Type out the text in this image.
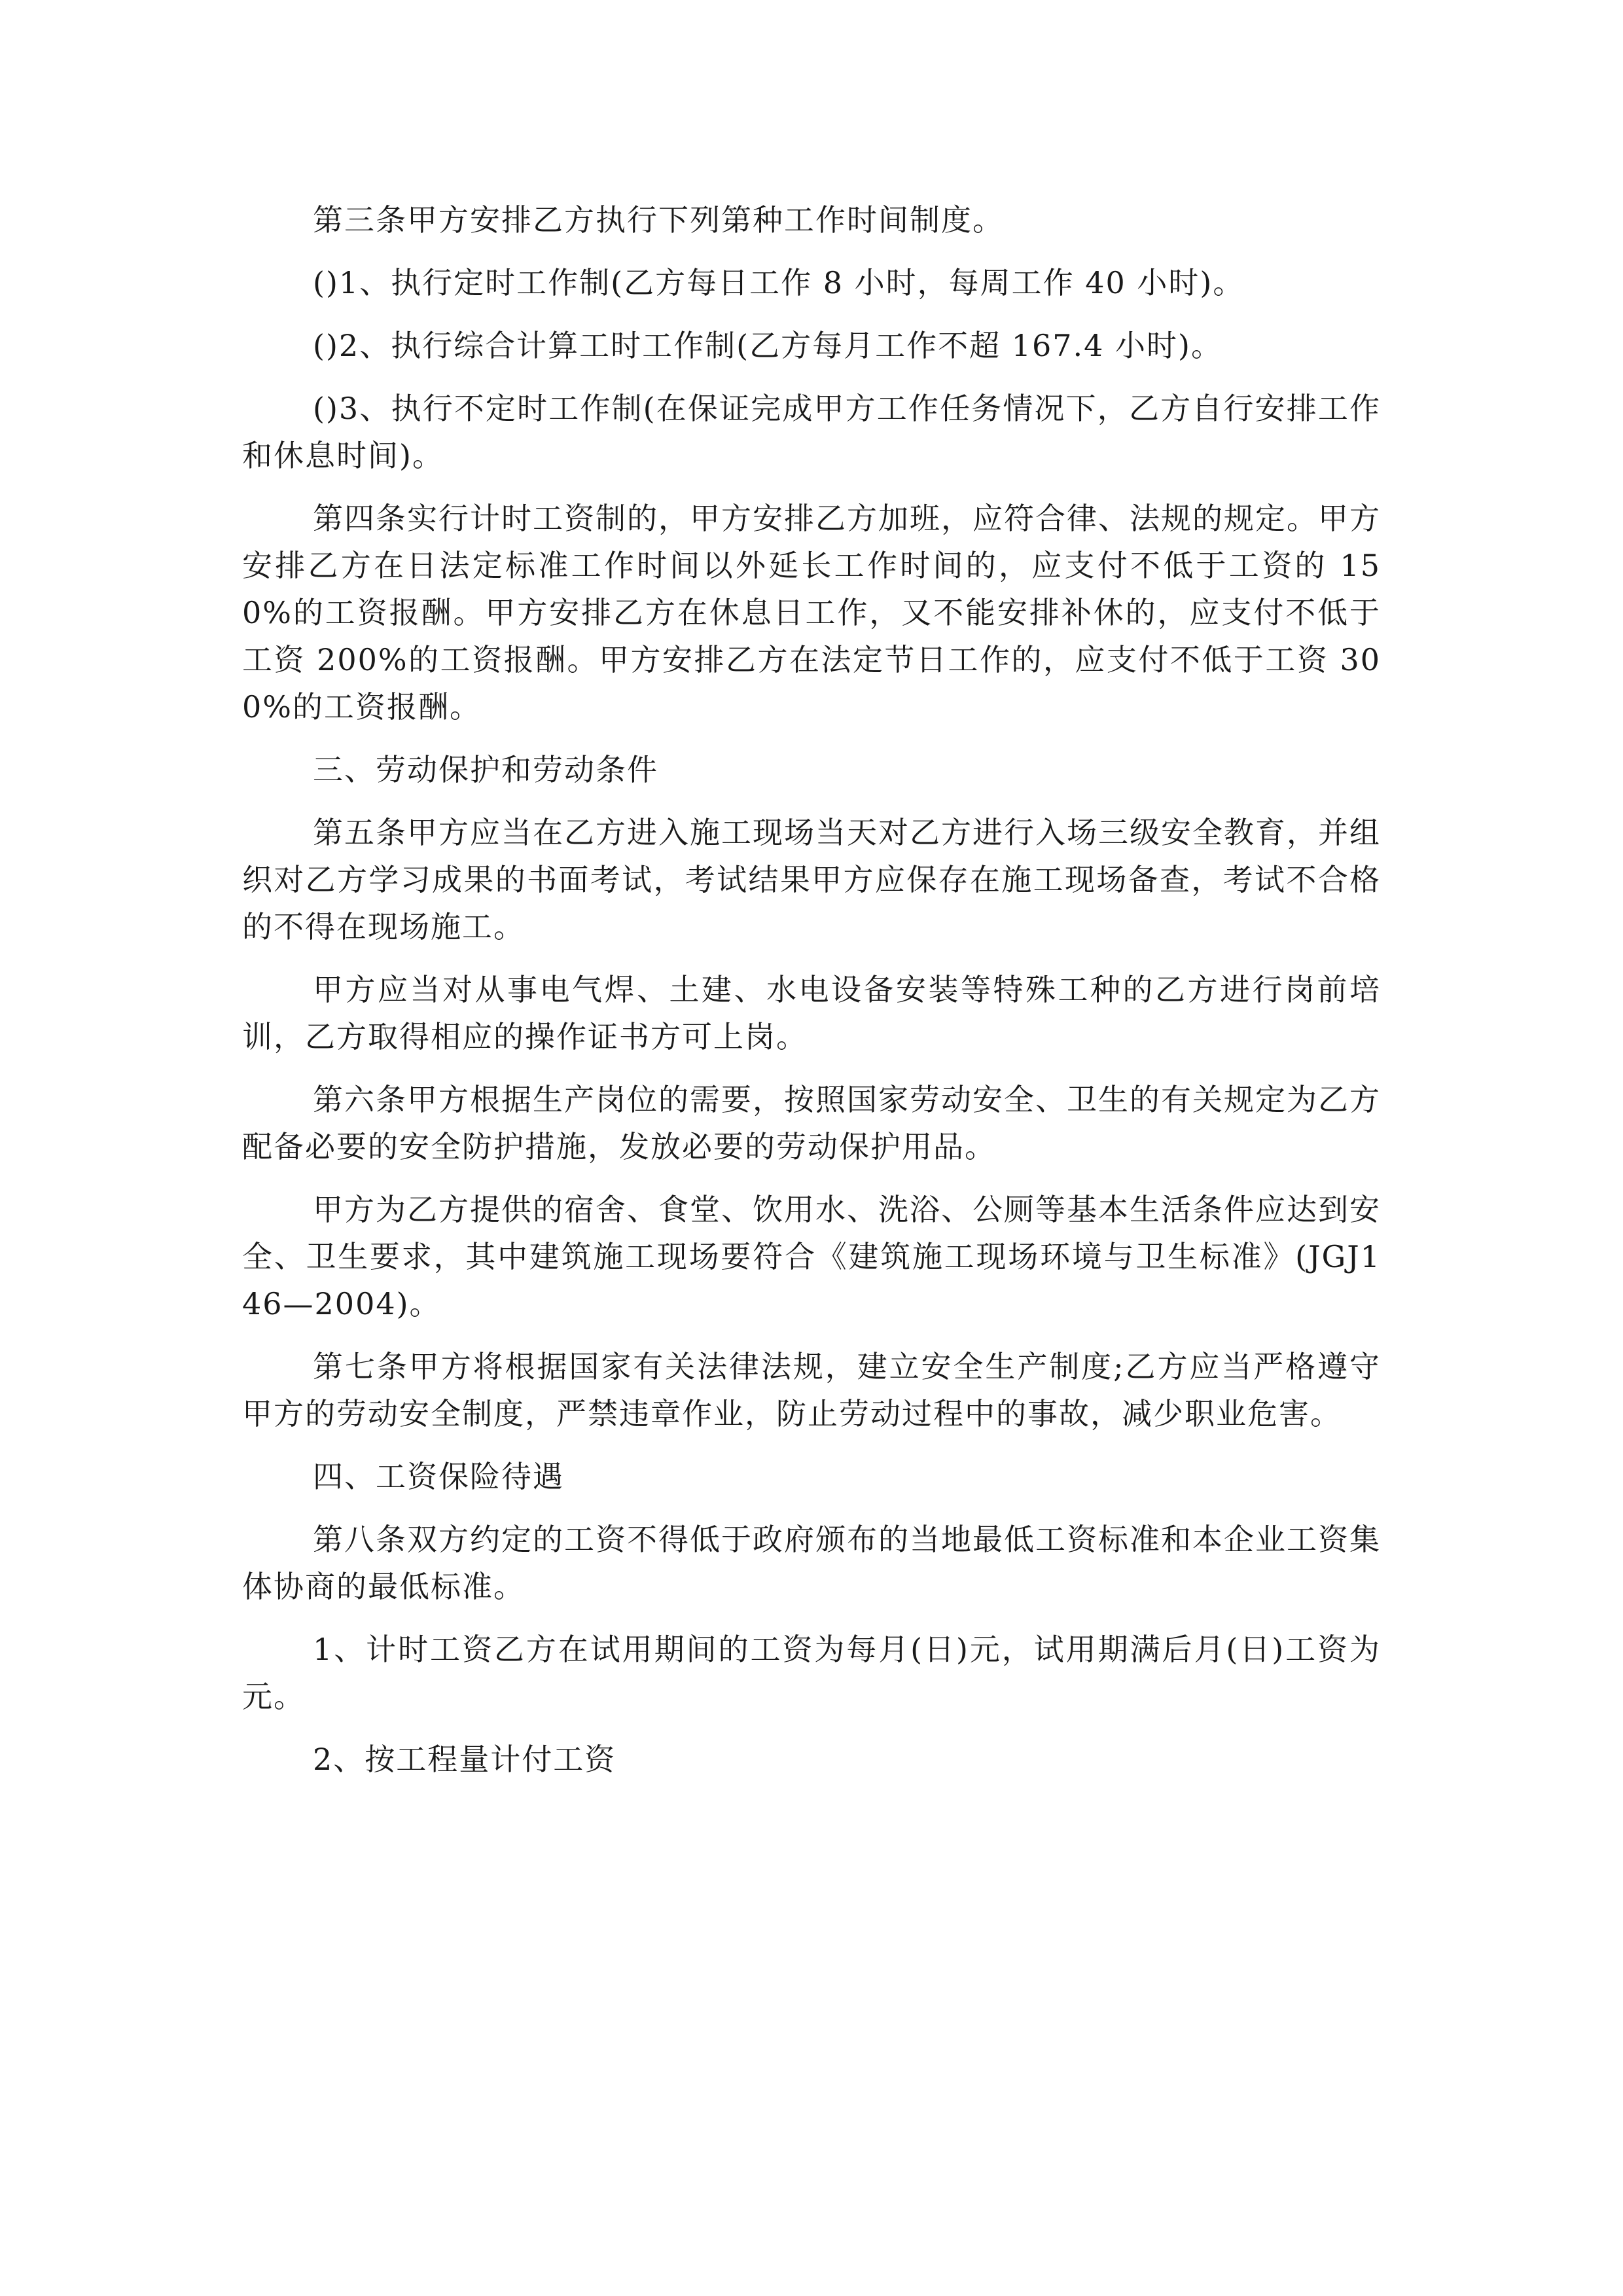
第三条甲方安排乙方执行下列第种工作时间制度。

()1、执行定时工作制(乙方每日工作 8 小时，每周工作 40 小时)。

()2、执行综合计算工时工作制(乙方每月工作不超 167.4 小时)。

()3、执行不定时工作制(在保证完成甲方工作任务情况下，乙方自行安排工作和休息时间)。

第四条实行计时工资制的，甲方安排乙方加班，应符合律、法规的规定。甲方安排乙方在日法定标准工作时间以外延长工作时间的，应支付不低于工资的 150%的工资报酬。甲方安排乙方在休息日工作，又不能安排补休的，应支付不低于工资 200%的工资报酬。甲方安排乙方在法定节日工作的，应支付不低于工资 300%的工资报酬。

三、劳动保护和劳动条件

第五条甲方应当在乙方进入施工现场当天对乙方进行入场三级安全教育，并组织对乙方学习成果的书面考试，考试结果甲方应保存在施工现场备查，考试不合格的不得在现场施工。

甲方应当对从事电气焊、土建、水电设备安装等特殊工种的乙方进行岗前培训，乙方取得相应的操作证书方可上岗。

第六条甲方根据生产岗位的需要，按照国家劳动安全、卫生的有关规定为乙方配备必要的安全防护措施，发放必要的劳动保护用品。

甲方为乙方提供的宿舍、食堂、饮用水、洗浴、公厕等基本生活条件应达到安全、卫生要求，其中建筑施工现场要符合《建筑施工现场环境与卫生标准》(JGJ146—2004)。

第七条甲方将根据国家有关法律法规，建立安全生产制度;乙方应当严格遵守甲方的劳动安全制度，严禁违章作业，防止劳动过程中的事故，减少职业危害。

四、工资保险待遇

第八条双方约定的工资不得低于政府颁布的当地最低工资标准和本企业工资集体协商的最低标准。

1、计时工资乙方在试用期间的工资为每月(日)元，试用期满后月(日)工资为元。

2、按工程量计付工资
